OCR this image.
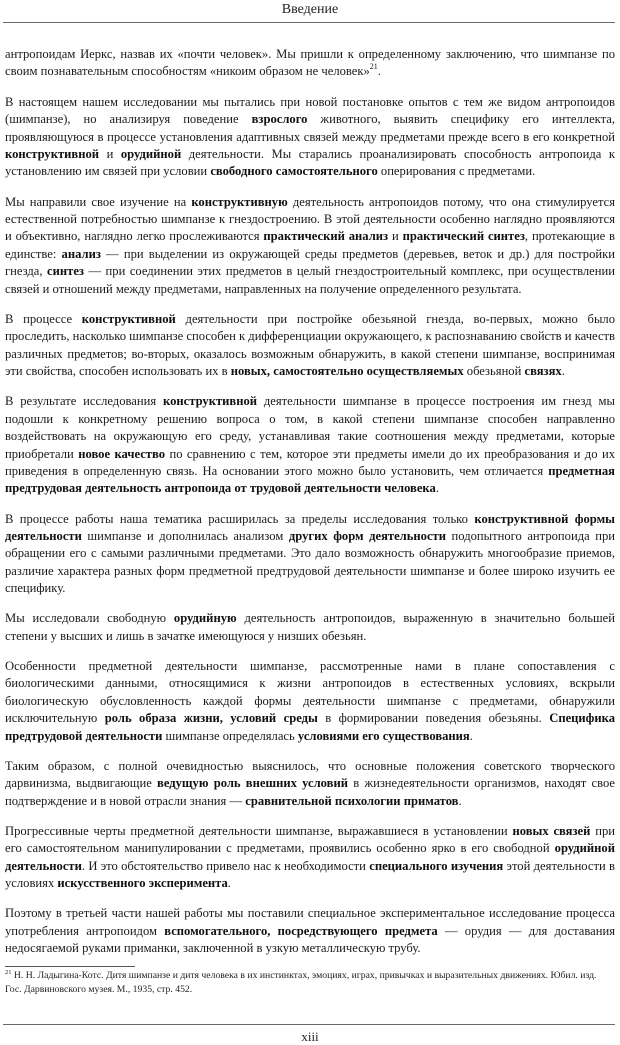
Введение

антропоидам Иеркс, назвав их «почти человек». Мы пришли к определенному заключению, что шимпанзе по своим познавательным способностям «никоим образом не человек»$^{21}$.

В настоящем нашем исследовании мы пытались при новой постановке опытов с тем же видом антропоидов (шимпанзе), но анализируя поведение взрослого животного, выявить специфику его интеллекта, проявляющуюся в процессе установления адаптивных связей между предметами прежде всего в его конкретной конструктивной и орудийной деятельности. Мы старались проанализировать способность антропоида к установлению им связей при условии свободного самостоятельного оперирования с предметами.

Мы направили свое изучение на конструктивную деятельность антропоидов потому, что она стимулируется естественной потребностью шимпанзе к гнездостроению. В этой деятельности особенно наглядно проявляются и объективно, наглядно легко прослеживаются практический анализ и практический синтез, протекающие в единстве: анализ — при выделении из окружающей среды предметов (деревьев, веток и др.) для постройки гнезда, синтез — при соединении этих предметов в целый гнездостроительный комплекс, при осуществлении связей и отношений между предметами, направленных на получение определенного результата.

В процессе конструктивной деятельности при постройке обезьяной гнезда, во-первых, можно было проследить, насколько шимпанзе способен к дифференциации окружающего, к распознаванию свойств и качеств различных предметов; во-вторых, оказалось возможным обнаружить, в какой степени шимпанзе, воспринимая эти свойства, способен использовать их в новых, самостоятельно осуществляемых обезьяной связях.

В результате исследования конструктивной деятельности шимпанзе в процессе построения им гнезд мы подошли к конкретному решению вопроса о том, в какой степени шимпанзе способен направленно воздействовать на окружающую его среду, устанавливая такие соотношения между предметами, которые приобретали новое качество по сравнению с тем, которое эти предметы имели до их преобразования и до их приведения в определенную связь. На основании этого можно было установить, чем отличается предметная предтрудовая деятельность антропоида от трудовой деятельности человека.

В процессе работы наша тематика расширилась за пределы исследования только конструктивной формы деятельности шимпанзе и дополнилась анализом других форм деятельности подопытного антропоида при обращении его с самыми различными предметами. Это дало возможность обнаружить многообразие приемов, различие характера разных форм предметной предтрудовой деятельности шимпанзе и более широко изучить ее специфику.

Мы исследовали свободную орудийную деятельность антропоидов, выраженную в значительно большей степени у высших и лишь в зачатке имеющуюся у низших обезьян.

Особенности предметной деятельности шимпанзе, рассмотренные нами в плане сопоставления с биологическими данными, относящимися к жизни антропоидов в естественных условиях, вскрыли биологическую обусловленность каждой формы деятельности шимпанзе с предметами, обнаружили исключительную роль образа жизни, условий среды в формировании поведения обезьяны. Специфика предтрудовой деятельности шимпанзе определялась условиями его существования.

Таким образом, с полной очевидностью выяснилось, что основные положения советского творческого дарвинизма, выдвигающие ведущую роль внешних условий в жизнедеятельности организмов, находят свое подтверждение и в новой отрасли знания — сравнительной психологии приматов.

Прогрессивные черты предметной деятельности шимпанзе, выражавшиеся в установлении новых связей при его самостоятельном манипулировании с предметами, проявились особенно ярко в его свободной орудийной деятельности. И это обстоятельство привело нас к необходимости специального изучения этой деятельности в условиях искусственного эксперимента.

Поэтому в третьей части нашей работы мы поставили специальное экспериментальное исследование процесса употребления антропоидом вспомогательного, посредствующего предмета — орудия — для доставания недосягаемой руками приманки, заключенной в узкую металлическую трубу.

$^{21}$ Н. Н. Ладыгина-Котс. Дитя шимпанзе и дитя человека в их инстинктах, эмоциях, играх, привычках и выразительных движениях. Юбил. изд. Гос. Дарвиновского музея. М., 1935, стр. 452.
xiii
